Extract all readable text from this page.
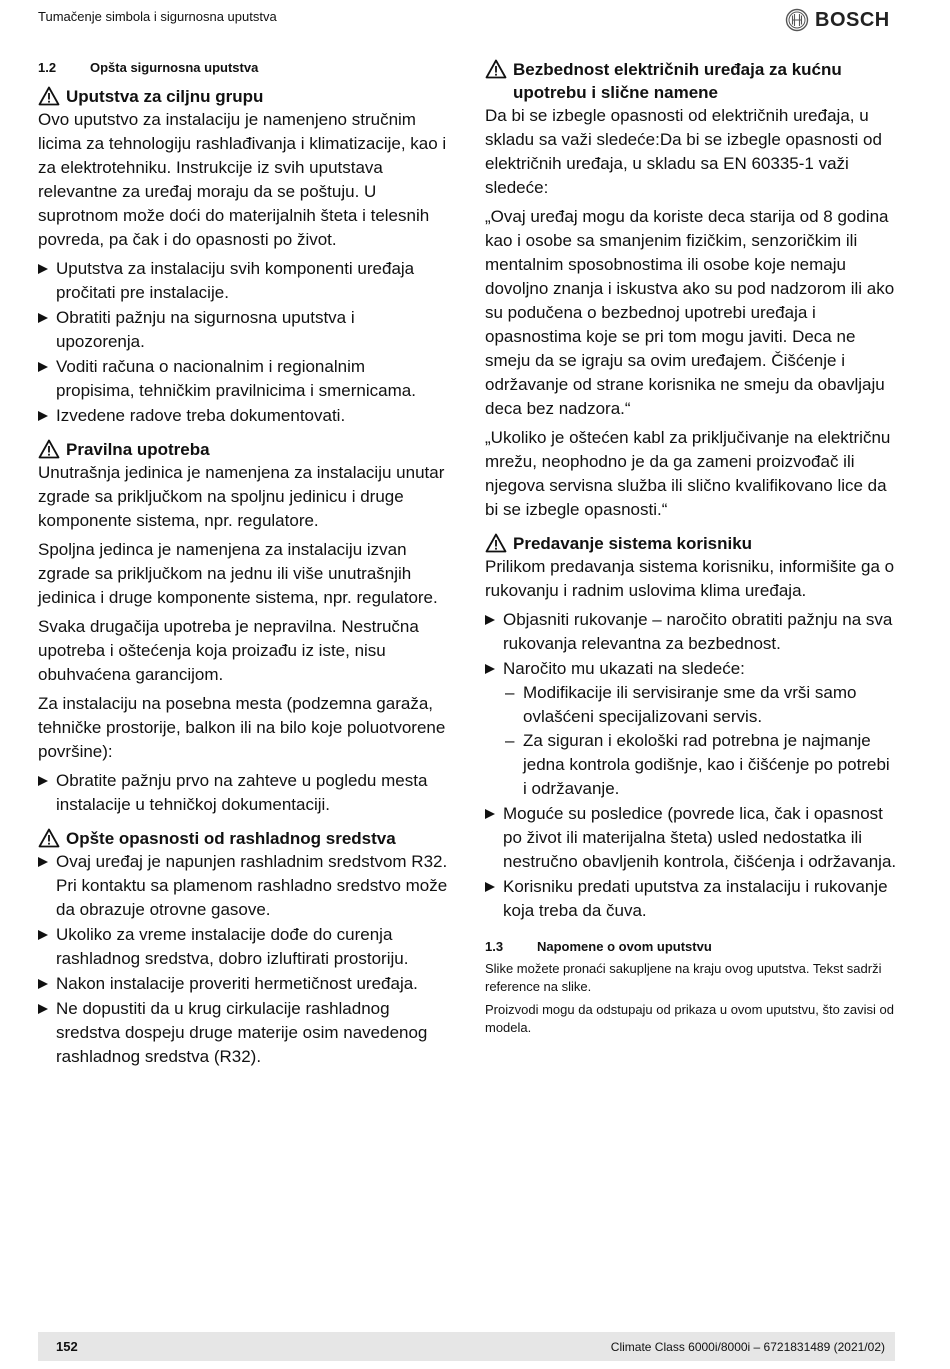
Tumačenje simbola i sigurnosna uputstva	BOSCH
1.2	Opšta sigurnosna uputstva
Uputstva za ciljnu grupu

Ovo uputstvo za instalaciju je namenjeno stručnim licima za tehnologiju rashlađivanja i klimatizacije, kao i za elektrotehniku. Instrukcije iz svih uputstava relevantne za uređaj moraju da se poštuju. U suprotnom može doći do materijalnih šteta i telesnih povreda, pa čak i do opasnosti po život.

Uputstva za instalaciju svih komponenti uređaja pročitati pre instalacije.
Obratiti pažnju na sigurnosna uputstva i upozorenja.
Voditi računa o nacionalnim i regionalnim propisima, tehničkim pravilnicima i smernicama.
Izvedene radove treba dokumentovati.
Pravilna upotreba

Unutrašnja jedinica je namenjena za instalaciju unutar zgrade sa priključkom na spoljnu jedinicu i druge komponente sistema, npr. regulatore.

Spoljna jedinca je namenjena za instalaciju izvan zgrade sa priključkom na jednu ili više unutrašnjih jedinica i druge komponente sistema, npr. regulatore.

Svaka drugačija upotreba je nepravilna. Nestručna upotreba i oštećenja koja proizađu iz iste, nisu obuhvaćena garancijom.

Za instalaciju na posebna mesta (podzemna garaža, tehničke prostorije, balkon ili na bilo koje poluotvorene površine):

Obratite pažnju prvo na zahteve u pogledu mesta instalacije u tehničkoj dokumentaciji.
Opšte opasnosti od rashladnog sredstva
Ovaj uređaj je napunjen rashladnim sredstvom R32. Pri kontaktu sa plamenom rashladno sredstvo može da obrazuje otrovne gasove.
Ukoliko za vreme instalacije dođe do curenja rashladnog sredstva, dobro izluftirati prostoriju.
Nakon instalacije proveriti hermetičnost uređaja.
Ne dopustiti da u krug cirkulacije rashladnog sredstva dospeju druge materije osim navedenog rashladnog sredstva (R32).
Bezbednost električnih uređaja za kućnu upotrebu i slične namene

Da bi se izbegle opasnosti od električnih uređaja, u skladu sa važi sledeće:Da bi se izbegle opasnosti od električnih uređaja, u skladu sa EN 60335-1 važi sledeće:

„Ovaj uređaj mogu da koriste deca starija od 8 godina kao i osobe sa smanjenim fizičkim, senzoričkim ili mentalnim sposobnostima ili osobe koje nemaju dovoljno znanja i iskustva ako su pod nadzorom ili ako su podučena o bezbednoj upotrebi uređaja i opasnostima koje se pri tom mogu javiti. Deca ne smeju da se igraju sa ovim uređajem. Čišćenje i održavanje od strane korisnika ne smeju da obavljaju deca bez nadzora.“

„Ukoliko je oštećen kabl za priključivanje na električnu mrežu, neophodno je da ga zameni proizvođač ili njegova servisna služba ili slično kvalifikovano lice da bi se izbegle opasnosti.“

Predavanje sistema korisniku

Prilikom predavanja sistema korisniku, informišite ga o rukovanju i radnim uslovima klima uređaja.

Objasniti rukovanje – naročito obratiti pažnju na sva rukovanja relevantna za bezbednost.
Naročito mu ukazati na sledeće:
– Modifikacije ili servisiranje sme da vrši samo ovlašćeni specijalizovani servis.
– Za siguran i ekološki rad potrebna je najmanje jedna kontrola godišnje, kao i čišćenje po potrebi i održavanje.
Moguće su posledice (povrede lica, čak i opasnost po život ili materijalna šteta) usled nedostatka ili nestručno obavljenih kontrola, čišćenja i održavanja.
Korisniku predati uputstva za instalaciju i rukovanje koja treba da čuva.
1.3	Napomene o ovom uputstvu

Slike možete pronaći sakupljene na kraju ovog uputstva. Tekst sadrži reference na slike.

Proizvodi mogu da odstupaju od prikaza u ovom uputstvu, što zavisi od modela.

152	Climate Class 6000i/8000i – 6721831489 (2021/02)
